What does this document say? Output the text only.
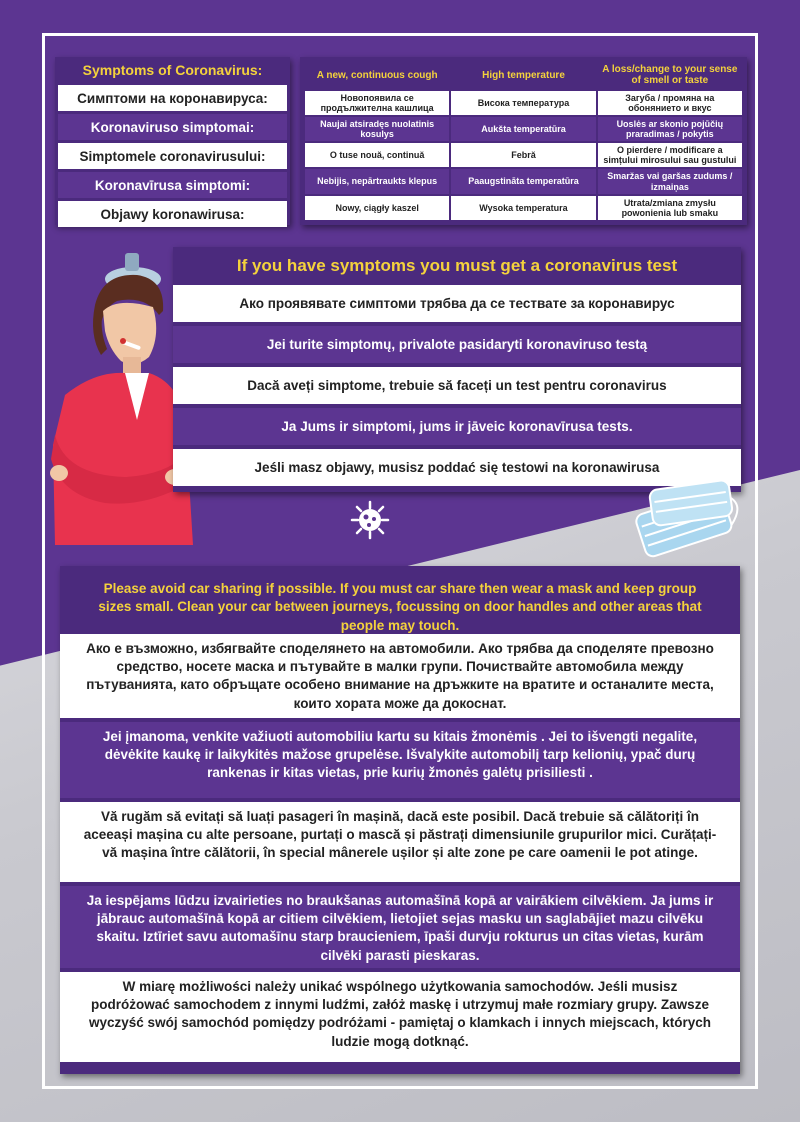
Symptoms of Coronavirus:
Симптоми на коронавируса:
Koronaviruso simptomai:
Simptomele coronavirusului:
Koronavīrusa simptomi:
Objawy koronawirusa:
A new, continuous cough	High temperature	A loss/change to your sense of smell or taste
Новопоявила се продължителна кашлица	Висока температура	Загуба / промяна на обонянието и вкус
Naujai atsiradęs nuolatinis kosulys	Aukšta temperatūra	Uoslės ar skonio pojūčių praradimas / pokytis
O tuse nouă, continuă	Febră	O pierdere / modificare a simțului mirosului sau gustului
Nebijis, nepārtraukts klepus	Paaugstināta temperatūra	Smaržas vai garšas zudums / izmaiņas
Nowy, ciągły kaszel	Wysoka temperatura	Utrata/zmiana zmysłu powonienia lub smaku
If you have symptoms you must get a coronavirus test
Ако проявявате симптоми трябва да се тествате за коронавирус
Jei turite simptomų, privalote pasidaryti koronaviruso testą
Dacă aveți simptome, trebuie să faceți un test pentru coronavirus
Ja Jums ir simptomi, jums ir jāveic koronavīrusa tests.
Jeśli masz objawy, musisz poddać się testowi na koronawirusa
Please avoid car sharing if possible. If you must car share then wear a mask and keep group sizes small. Clean your car between journeys, focussing on door handles and other areas that people may touch.
Ако е възможно, избягвайте споделянето на автомобили. Ако трябва да споделяте превозно средство, носете маска и пътувайте в малки групи. Почиствайте автомобила между пътуванията, като обръщате особено внимание на дръжките на вратите и останалите места, които хората може да докоснат.
Jei įmanoma, venkite važiuoti automobiliu kartu su kitais žmonėmis . Jei to išvengti negalite, dėvėkite kaukę ir laikykitės mažose grupelėse. Išvalykite automobilį tarp kelionių, ypač durų rankenas ir kitas vietas, prie kurių žmonės galėtų prisiliesti .
Vă rugăm să evitați să luați pasageri în mașină, dacă este posibil. Dacă trebuie să călătoriți în aceeași mașina cu alte persoane, purtați o mască și păstrați dimensiunile grupurilor mici. Curățați-vă mașina între călătorii, în special mânerele ușilor și alte zone pe care oamenii le pot atinge.
Ja iespējams lūdzu izvairieties no braukšanas automašīnā kopā ar vairākiem cilvēkiem. Ja jums ir jābrauc automašīnā kopā ar citiem cilvēkiem, lietojiet sejas masku un saglabājiet mazu cilvēku skaitu. Iztīriet savu automašīnu starp braucieniem, īpaši durvju rokturus un citas vietas, kurām cilvēki parasti pieskaras.
W miarę możliwości należy unikać wspólnego użytkowania samochodów. Jeśli musisz podróżować samochodem z innymi ludźmi, załóż maskę i utrzymuj małe rozmiary grupy. Zawsze wyczyść swój samochód pomiędzy podróżami - pamiętaj o klamkach i innych miejscach, których ludzie mogą dotknąć.
